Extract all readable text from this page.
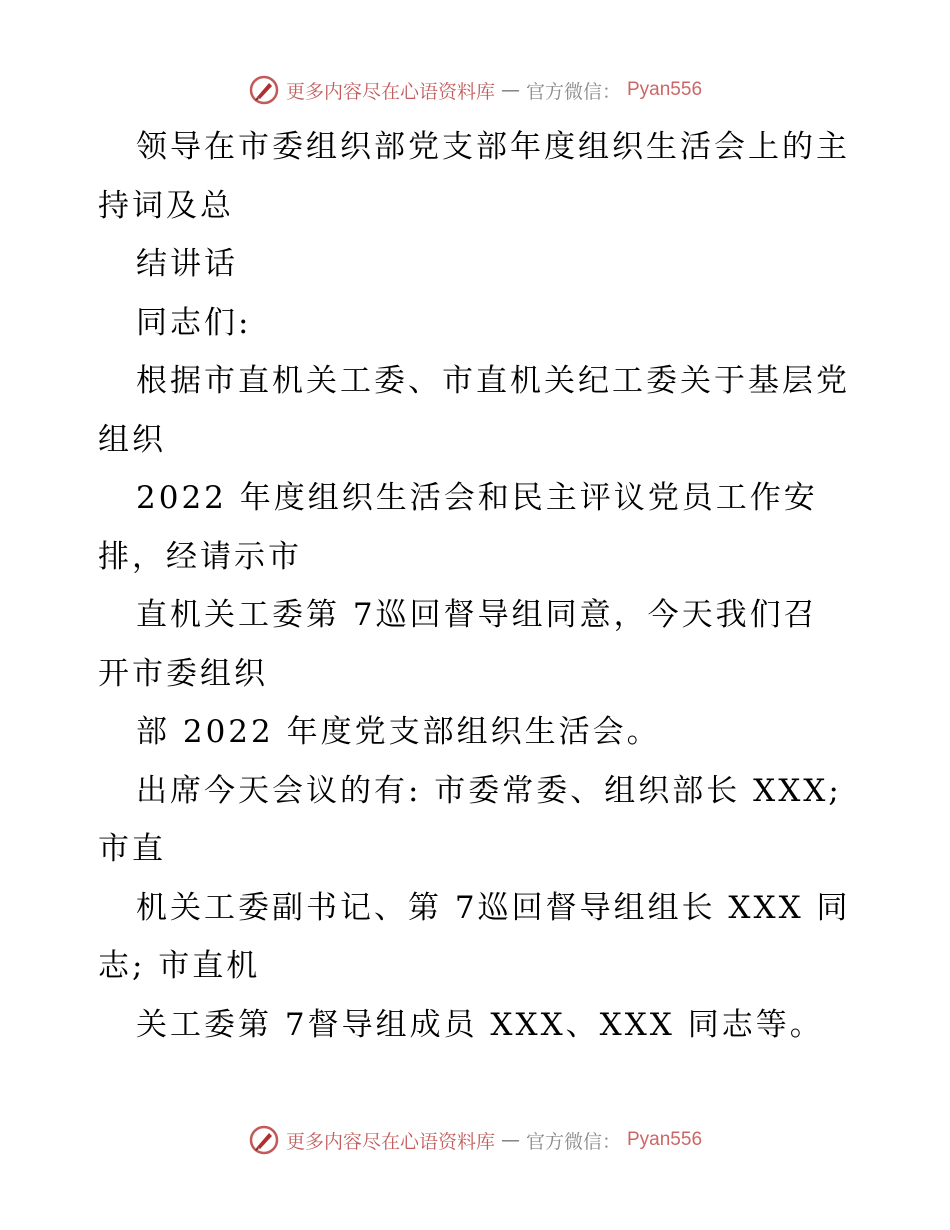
更多内容尽在心语资料库 — 官方微信： Pyan556
领导在市委组织部党支部年度组织生活会上的主
持词及总
结讲话
同志们:
根据市直机关工委、市直机关纪工委关于基层党
组织
2022 年度组织生活会和民主评议党员工作安
排，经请示市
直机关工委第 7巡回督导组同意，今天我们召
开市委组织
部 2022 年度党支部组织生活会。
出席今天会议的有: 市委常委、组织部长 XXX;
市直
机关工委副书记、第 7巡回督导组组长 XXX 同
志; 市直机
关工委第 7督导组成员 XXX、XXX 同志等。
更多内容尽在心语资料库 — 官方微信： Pyan556
